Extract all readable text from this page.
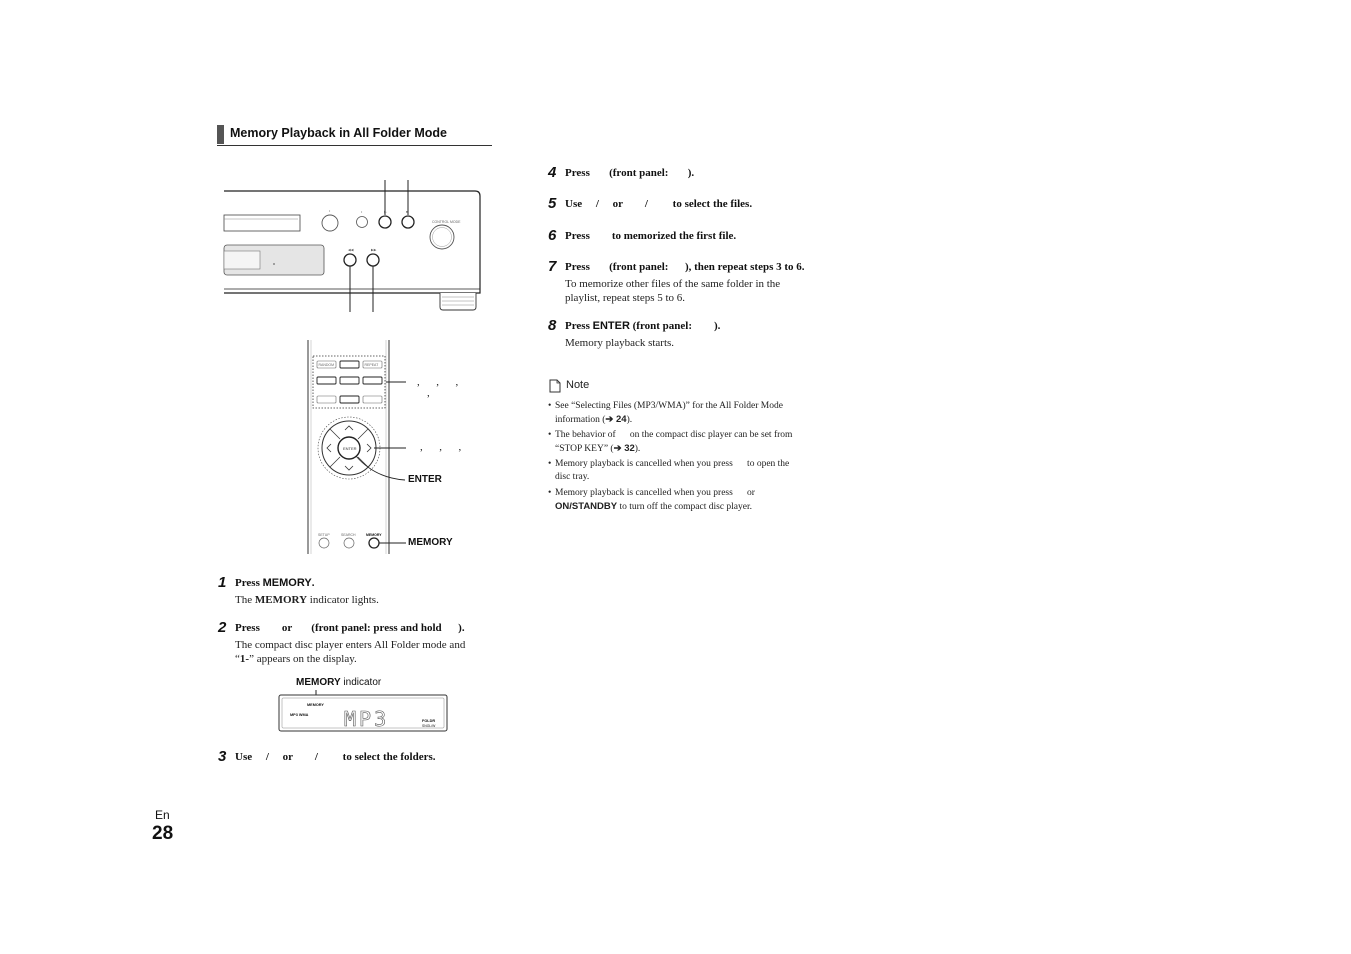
Memory Playback in All Folder Mode
•	•	▶	■
◀◀	▶▶
CONTROL MODE
RANDOM	REPEAT
ENTER
SETUP	SEARCH	MEMORY
,      ,      ,
,
,      ,      ,
ENTER
MEMORY
1 Press MEMORY.
The MEMORY indicator lights.
2 Press        or       (front panel: press and hold      ).
The compact disc player enters All Folder mode and
“1-” appears on the display.
MEMORY indicator
MEMORY
MP3 WMA MP3	FOLDR
SNGL/W
3 Use     /     or        /         to select the folders.
4 Press       (front panel:       ).
5 Use     /     or        /         to select the files.
6 Press        to memorized the first file.
7 Press       (front panel:      ), then repeat steps 3 to 6.
To memorize other files of the same folder in the
playlist, repeat steps 5 to 6.
8 Press ENTER (front panel:        ).
Memory playback starts.
Note
• See “Selecting Files (MP3/WMA)” for the All Folder Mode
information (➔ 24).
• The behavior of      on the compact disc player can be set from
“STOP KEY” (➔ 32).
• Memory playback is cancelled when you press      to open the
disc tray.
• Memory playback is cancelled when you press      or
ON/STANDBY to turn off the compact disc player.
En
28
